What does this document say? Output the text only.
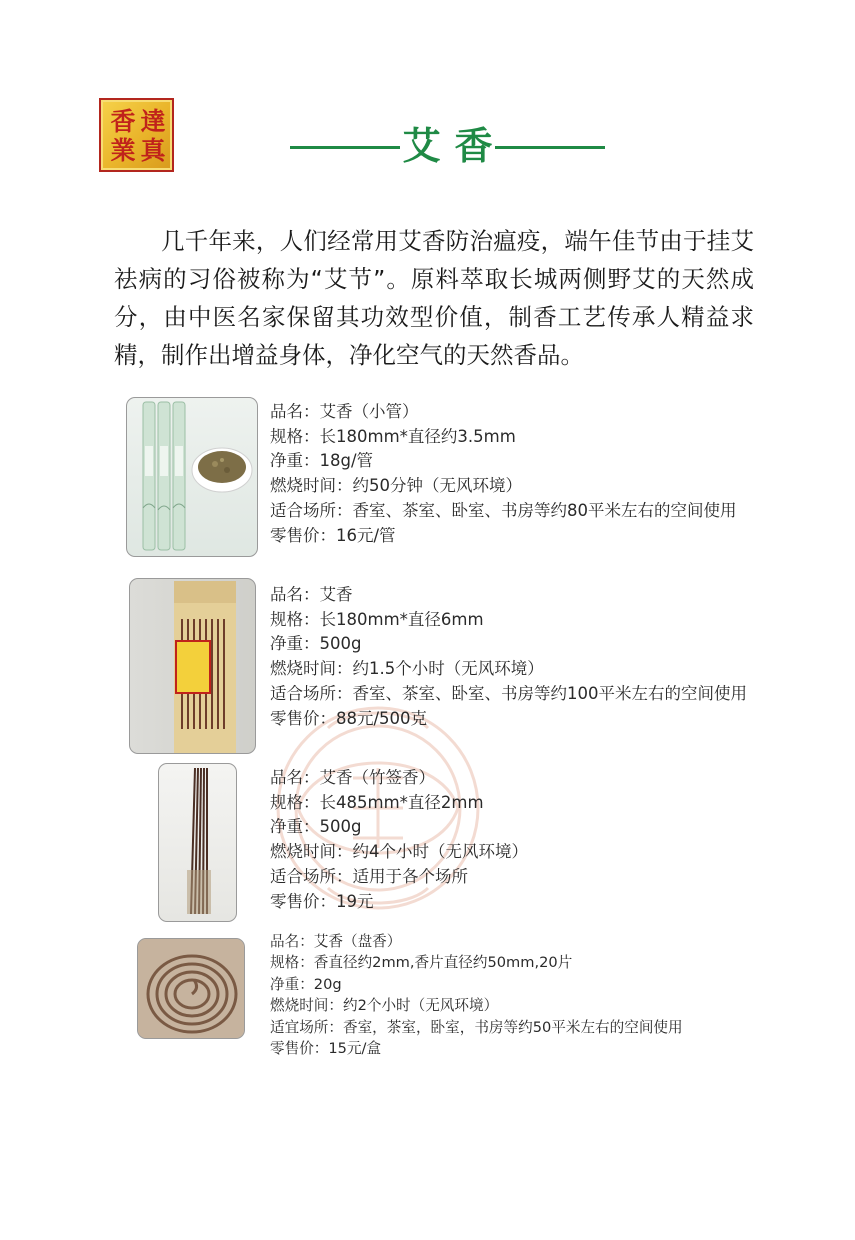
香 達
業 真	艾香

几千年来，人们经常用艾香防治瘟疫，端午佳节由于挂艾祛病的习俗被称为“艾节”。原料萃取长城两侧野艾的天然成分，由中医名家保留其功效型价值，制香工艺传承人精益求精，制作出增益身体，净化空气的天然香品。

品名：艾香（小管）
规格：长180mm*直径约3.5mm
净重：18g/管
燃烧时间：约50分钟（无风环境）
适合场所：香室、茶室、卧室、书房等约80平米左右的空间使用
零售价：16元/管
品名：艾香
规格：长180mm*直径6mm
净重：500g
燃烧时间：约1.5个小时（无风环境）
适合场所：香室、茶室、卧室、书房等约100平米左右的空间使用
零售价：88元/500克
品名：艾香（竹签香）
规格：长485mm*直径2mm
净重：500g
燃烧时间：约4个小时（无风环境）
适合场所：适用于各个场所
零售价：19元
品名：艾香（盘香）
规格：香直径约2mm,香片直径约50mm,20片
净重：20g
燃烧时间：约2个小时（无风环境）
适宜场所：香室，茶室，卧室，书房等约50平米左右的空间使用
零售价：15元/盒
